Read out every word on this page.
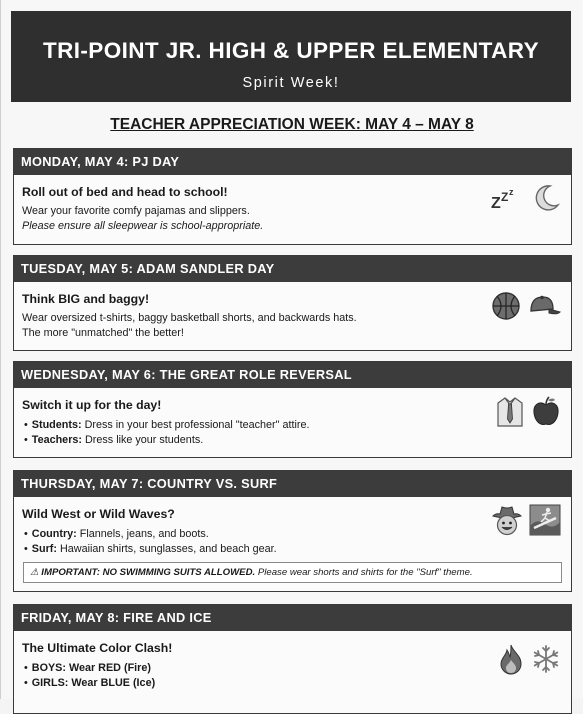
TRI-POINT JR. HIGH & UPPER ELEMENTARY
Spirit Week!
TEACHER APPRECIATION WEEK: MAY 4 – MAY 8
MONDAY, MAY 4: PJ DAY
Roll out of bed and head to school!
Wear your favorite comfy pajamas and slippers.
Please ensure all sleepwear is school-appropriate.
Z Z z
TUESDAY, MAY 5: ADAM SANDLER DAY
Think BIG and baggy!
Wear oversized t-shirts, baggy basketball shorts, and backwards hats.
The more "unmatched" the better!
WEDNESDAY, MAY 6: THE GREAT ROLE REVERSAL
Switch it up for the day!
• Students: Dress in your best professional "teacher" attire.
• Teachers: Dress like your students.
THURSDAY, MAY 7: COUNTRY VS. SURF
Wild West or Wild Waves?
• Country: Flannels, jeans, and boots.
• Surf: Hawaiian shirts, sunglasses, and beach gear.
⚠ IMPORTANT: NO SWIMMING SUITS ALLOWED. Please wear shorts and shirts for the "Surf" theme.
FRIDAY, MAY 8: FIRE AND ICE
The Ultimate Color Clash!
• BOYS: Wear RED (Fire)
• GIRLS: Wear BLUE (Ice)
